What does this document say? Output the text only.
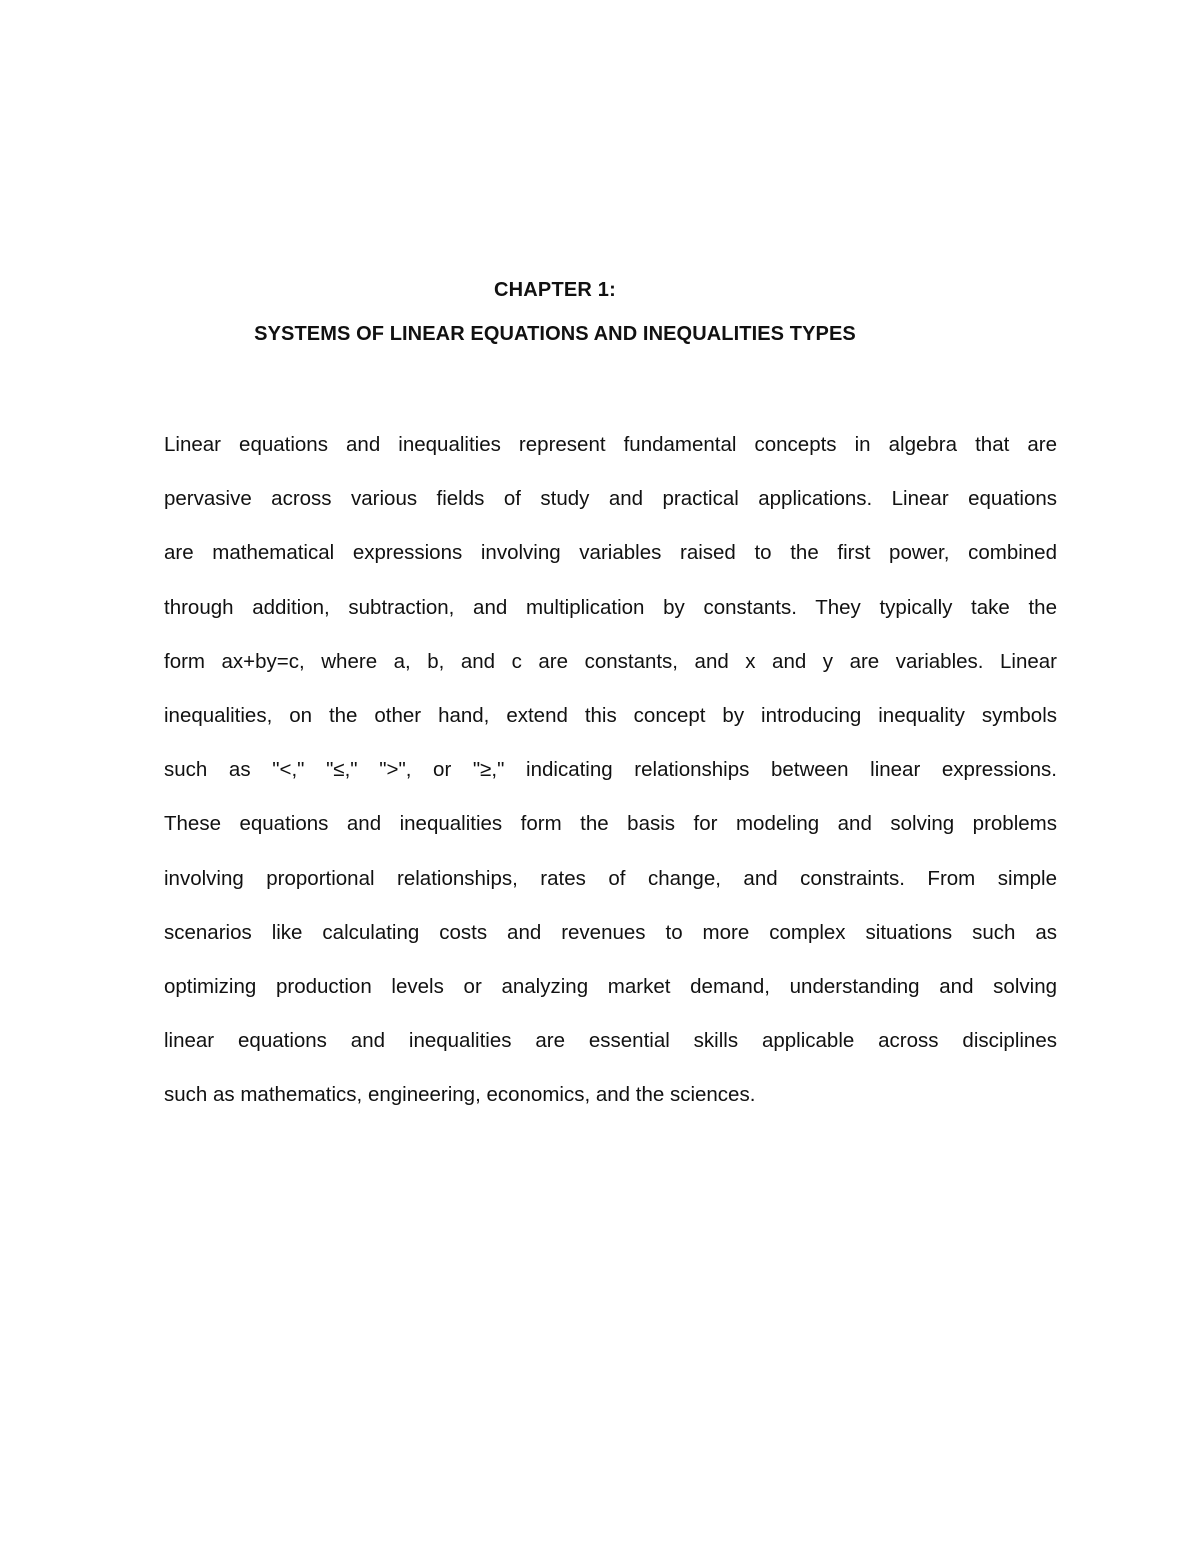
CHAPTER 1:
SYSTEMS OF LINEAR EQUATIONS AND INEQUALITIES TYPES
Linear equations and inequalities represent fundamental concepts in algebra that are
pervasive across various fields of study and practical applications. Linear equations
are mathematical expressions involving variables raised to the first power, combined
through addition, subtraction, and multiplication by constants. They typically take the
form ax+by=c, where a, b, and c are constants, and x and y are variables. Linear
inequalities, on the other hand, extend this concept by introducing inequality symbols
such as "<," "≤," ">", or "≥," indicating relationships between linear expressions.
These equations and inequalities form the basis for modeling and solving problems
involving proportional relationships, rates of change, and constraints. From simple
scenarios like calculating costs and revenues to more complex situations such as
optimizing production levels or analyzing market demand, understanding and solving
linear equations and inequalities are essential skills applicable across disciplines
such as mathematics, engineering, economics, and the sciences.
